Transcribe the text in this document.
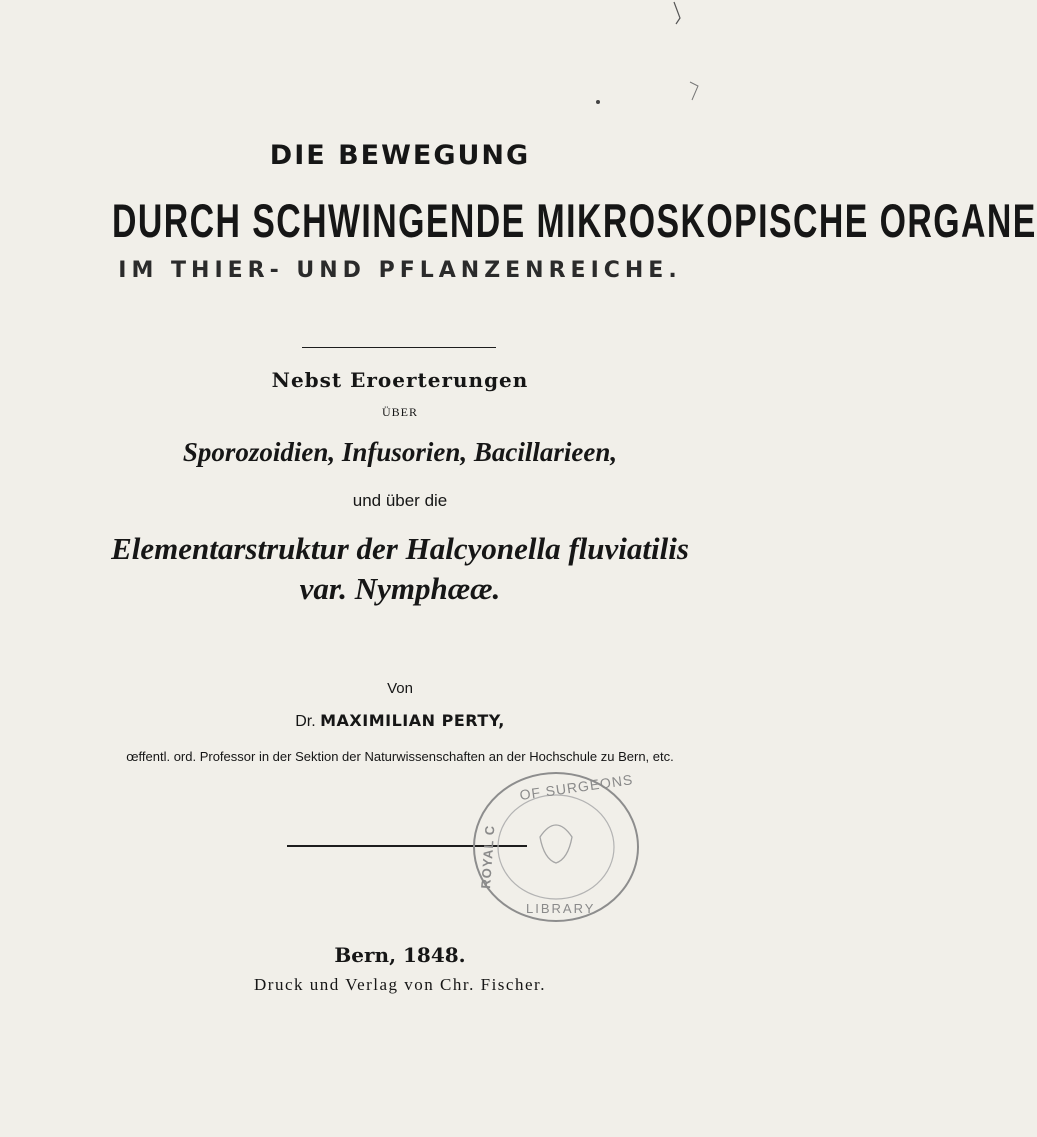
DIE BEWEGUNG
DURCH SCHWINGENDE MIKROSKOPISCHE ORGANE
IM THIER- UND PFLANZENREICHE.
Nebst Eroerterungen
ÜBER
Sporozoidien, Infusorien, Bacillarieen,
und über die
Elementarstruktur der Halcyonella fluviatilis
var. Nymphææ.
Von
Dr. MAXIMILIAN PERTY,
œffentl. ord. Professor in der Sektion der Naturwissenschaften an der Hochschule zu Bern, etc.
OF SURGEONS
ROYAL C
LIBRARY
Bern, 1848.
Druck und Verlag von Chr. Fischer.
